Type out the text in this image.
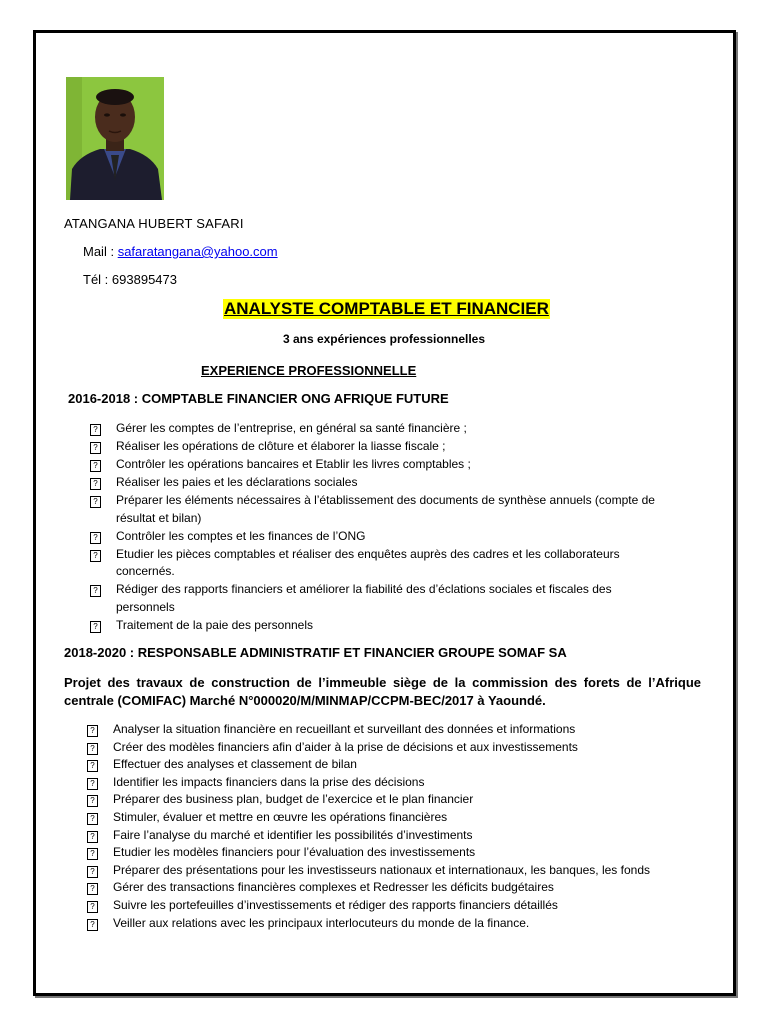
ATANGANA HUBERT SAFARI
Mail : safaratangana@yahoo.com
Tél : 693895473
ANALYSTE COMPTABLE ET FINANCIER
3 ans expériences professionnelles
EXPERIENCE PROFESSIONNELLE
2016-2018 : COMPTABLE FINANCIER ONG AFRIQUE FUTURE
? Gérer les comptes de l’entreprise, en général sa santé financière ;
? Réaliser les opérations de clôture et élaborer la liasse fiscale ;
? Contrôler les opérations bancaires et Etablir les livres comptables ;
? Réaliser les paies et les déclarations sociales
? Préparer les éléments nécessaires à l’établissement des documents de synthèse annuels (compte de résultat et bilan)
? Contrôler les comptes et les finances de l’ONG
? Etudier les pièces comptables et réaliser des enquêtes auprès des cadres et les collaborateurs concernés.
? Rédiger des rapports financiers et améliorer la fiabilité des d’éclations sociales et fiscales des personnels
? Traitement de la paie des personnels
2018-2020 : RESPONSABLE ADMINISTRATIF ET FINANCIER GROUPE SOMAF SA
Projet des travaux de construction de l’immeuble siège de la commission des forets de l’Afrique centrale (COMIFAC) Marché N°000020/M/MINMAP/CCPM-BEC/2017 à Yaoundé.
? Analyser la situation financière en recueillant et surveillant des données et informations
? Créer des modèles financiers afin d’aider à la prise de décisions et aux investissements
? Effectuer des analyses et classement de bilan
? Identifier les impacts financiers dans la prise des décisions
? Préparer des business plan, budget de l’exercice et le plan financier
? Stimuler, évaluer et mettre en œuvre les opérations financières
? Faire l’analyse du marché et identifier les possibilités d’investiments
? Etudier les modèles financiers pour l’évaluation des investissements
? Préparer des présentations pour les investisseurs nationaux et internationaux, les banques, les fonds
? Gérer des transactions financières complexes et Redresser les déficits budgétaires
? Suivre les portefeuilles d’investissements et rédiger des rapports financiers détaillés
? Veiller aux relations avec les principaux interlocuteurs du monde de la finance.
